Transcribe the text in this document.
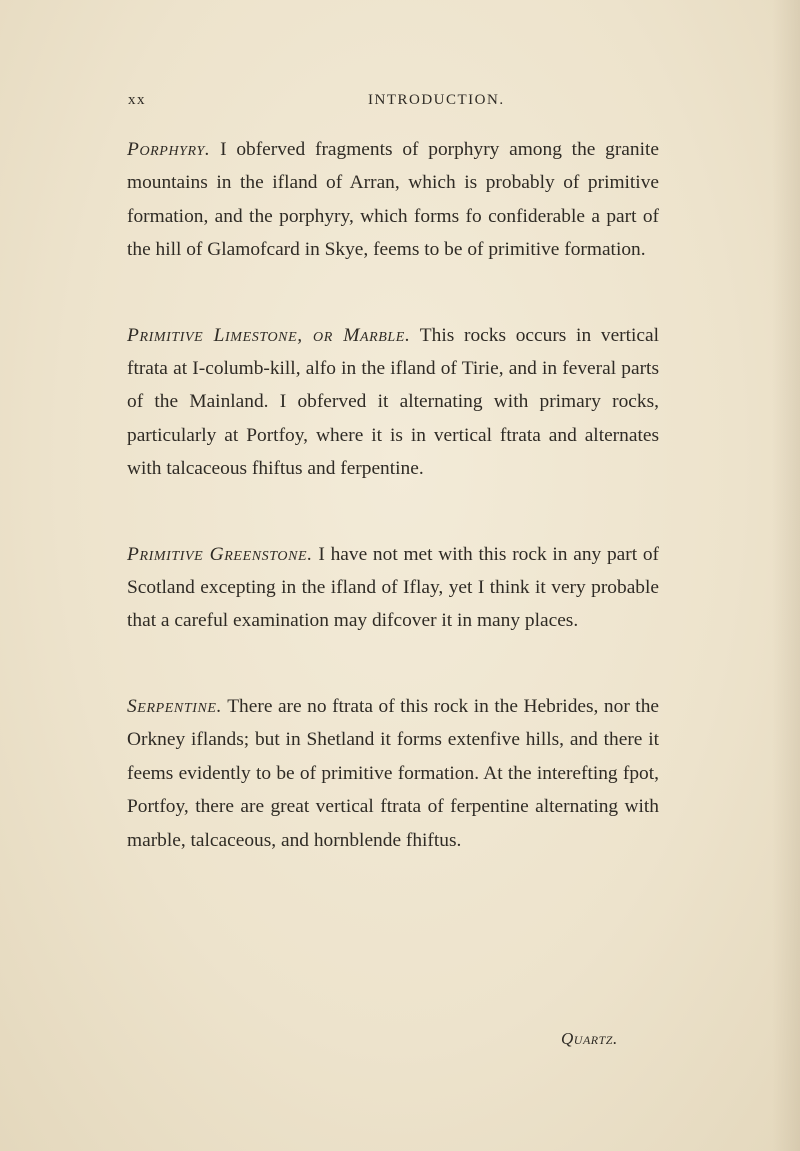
xx	INTRODUCTION.

Porphyry. I obferved fragments of porphyry among the granite mountains in the ifland of Arran, which is probably of primitive formation, and the porphyry, which forms fo confiderable a part of the hill of Glamofcard in Skye, feems to be of primitive formation.

Primitive Limestone, or Marble. This rocks occurs in vertical ftrata at I-columb-kill, alfo in the ifland of Tirie, and in feveral parts of the Mainland. I obferved it alternating with primary rocks, particularly at Portfoy, where it is in vertical ftrata and alternates with talcaceous fhiftus and ferpentine.

Primitive Greenstone. I have not met with this rock in any part of Scotland excepting in the ifland of Iflay, yet I think it very probable that a careful examination may difcover it in many places.

Serpentine. There are no ftrata of this rock in the Hebrides, nor the Orkney iflands; but in Shetland it forms extenfive hills, and there it feems evidently to be of primitive formation. At the interefting fpot, Portfoy, there are great vertical ftrata of ferpentine alternating with marble, talcaceous, and hornblende fhiftus.

Quartz.
